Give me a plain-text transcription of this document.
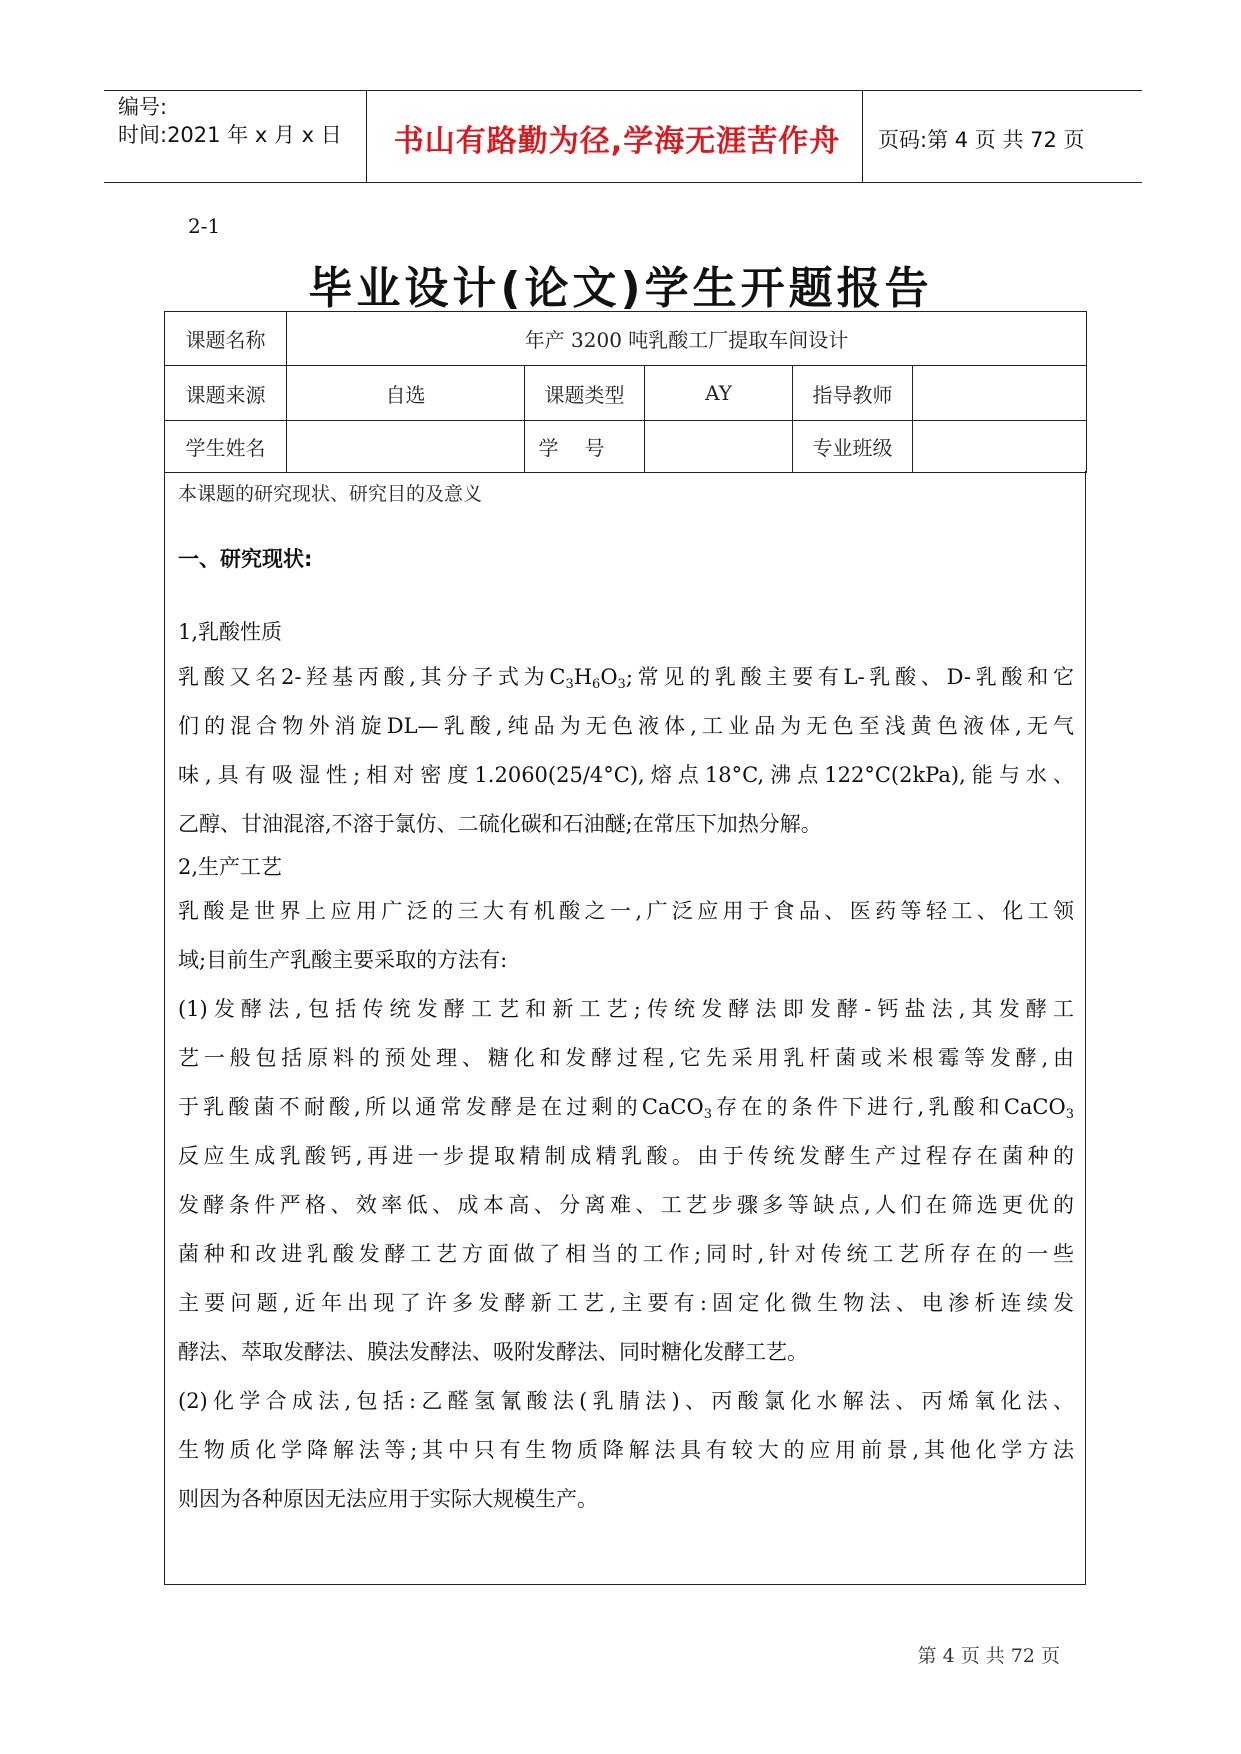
编号:
时间:2021 年 x 月 x 日	书山有路勤为径,学海无涯苦作舟	页码:第 4 页 共 72 页
2-1
毕业设计(论文)学生开题报告
课题名称	年产 3200 吨乳酸工厂提取车间设计				
课题来源	自选	课题类型	AY	指导教师	
学生姓名		学号		专业班级	
本课题的研究现状、研究目的及意义
一、研究现状:
1,乳酸性质
乳酸又名2-羟基丙酸,其分子式为$C_3H_6O_3$;常见的乳酸主要有L-乳酸、D-乳酸和它
们的混合物外消旋DL—乳酸,纯品为无色液体,工业品为无色至浅黄色液体,无气
味,具有吸湿性;相对密度1.2060(25/4°C),熔点18°C,沸点122°C(2kPa),能与水、
乙醇、甘油混溶,不溶于氯仿、二硫化碳和石油醚;在常压下加热分解。
2,生产工艺
乳酸是世界上应用广泛的三大有机酸之一,广泛应用于食品、医药等轻工、化工领
域;目前生产乳酸主要采取的方法有:
(1)发酵法,包括传统发酵工艺和新工艺;传统发酵法即发酵-钙盐法,其发酵工
艺一般包括原料的预处理、糖化和发酵过程,它先采用乳杆菌或米根霉等发酵,由
于乳酸菌不耐酸,所以通常发酵是在过剩的CaCO$_3$存在的条件下进行,乳酸和CaCO$_3$
反应生成乳酸钙,再进一步提取精制成精乳酸。由于传统发酵生产过程存在菌种的
发酵条件严格、效率低、成本高、分离难、工艺步骤多等缺点,人们在筛选更优的
菌种和改进乳酸发酵工艺方面做了相当的工作;同时,针对传统工艺所存在的一些
主要问题,近年出现了许多发酵新工艺,主要有:固定化微生物法、电渗析连续发
酵法、萃取发酵法、膜法发酵法、吸附发酵法、同时糖化发酵工艺。
(2)化学合成法,包括:乙醛氢氰酸法(乳腈法)、丙酸氯化水解法、丙烯氧化法、
生物质化学降解法等;其中只有生物质降解法具有较大的应用前景,其他化学方法
则因为各种原因无法应用于实际大规模生产。
第 4 页 共 72 页
